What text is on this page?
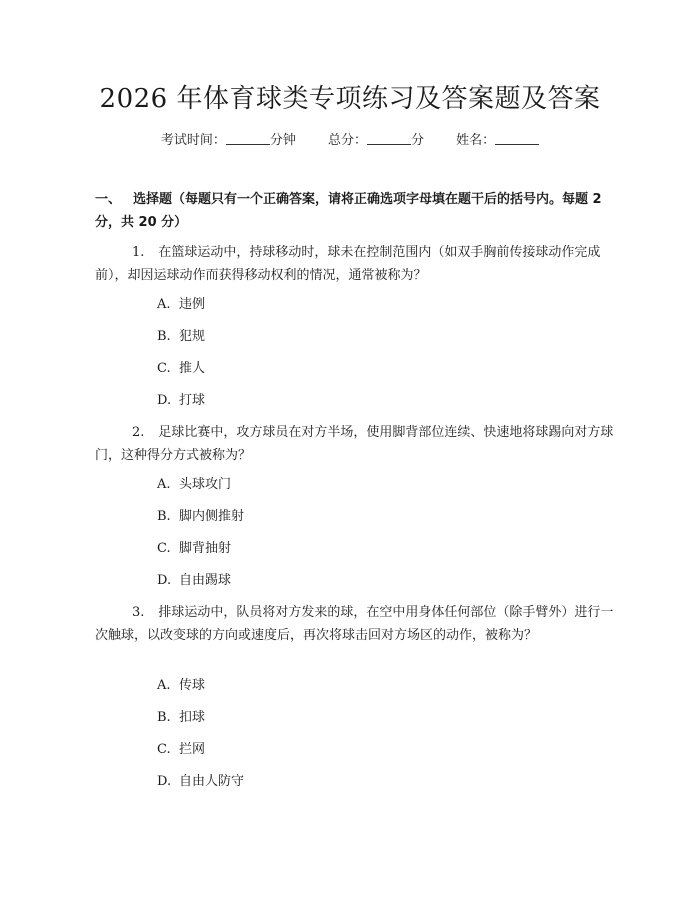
2026 年体育球类专项练习及答案题及答案
考试时间：	分钟 总分：	分 姓名：
一、 选择题（每题只有一个正确答案，请将正确选项字母填在题干后的括号内。每题 2 分，共 20 分）
1. 在篮球运动中，持球移动时，球未在控制范围内（如双手胸前传接球动作完成前），却因运球动作而获得移动权利的情况，通常被称为？
A. 违例
B. 犯规
C. 推人
D. 打球
2. 足球比赛中，攻方球员在对方半场，使用脚背部位连续、快速地将球踢向对方球门，这种得分方式被称为？
A. 头球攻门
B. 脚内侧推射
C. 脚背抽射
D. 自由踢球
3. 排球运动中，队员将对方发来的球，在空中用身体任何部位（除手臂外）进行一次触球，以改变球的方向或速度后，再次将球击回对方场区的动作，被称为？
A. 传球
B. 扣球
C. 拦网
D. 自由人防守
